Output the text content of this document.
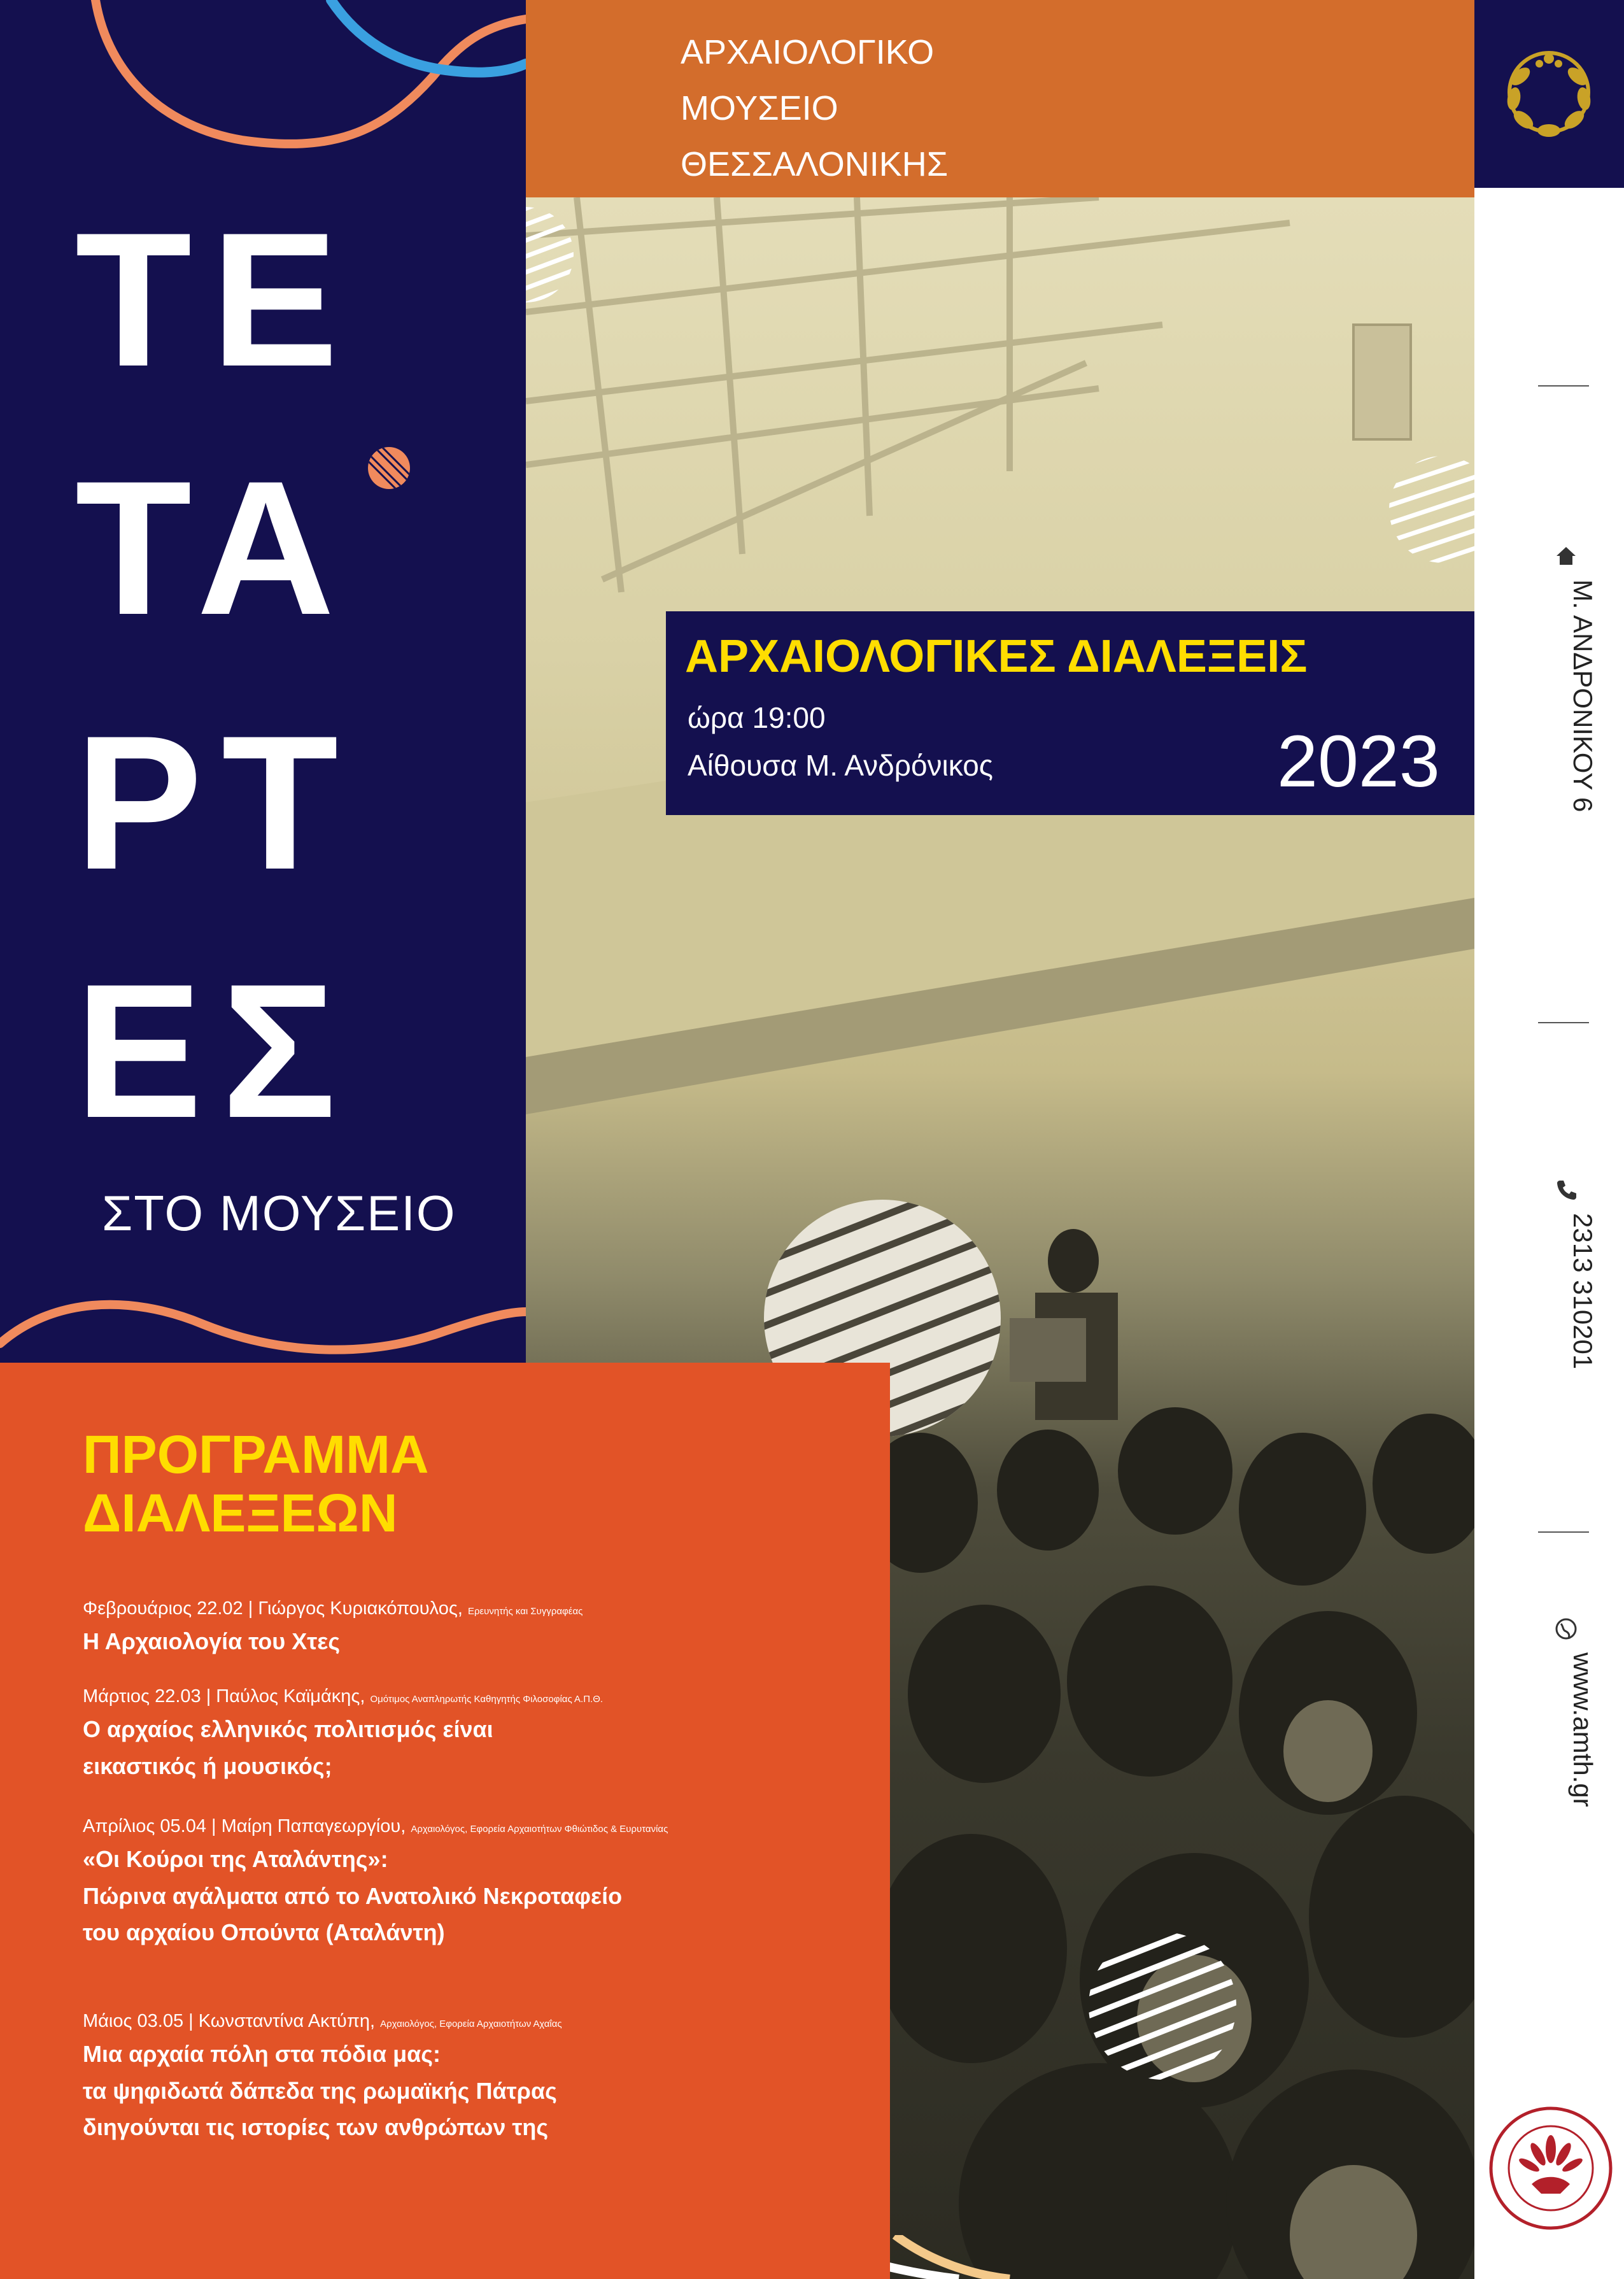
ΤΕ
ΤΑ
ΡΤ
ΕΣ
ΣΤΟ ΜΟΥΣΕΙΟ
ΑΡΧΑΙΟΛΟΓΙΚΟ
ΜΟΥΣΕΙΟ
ΘΕΣΣΑΛΟΝΙΚΗΣ
ΑΡΧΑΙΟΛΟΓΙΚΕΣ ΔΙΑΛΕΞΕΙΣ
ώρα 19:00
Αίθουσα Μ. Ανδρόνικος	2023	Μ. ΑΝΔΡΟΝΙΚΟΥ 6
2313 310201
www.amth.gr
ΠΡΟΓΡΑΜΜΑ
ΔΙΑΛΕΞΕΩΝ
Φεβρουάριος 22.02 | Γιώργος Κυριακόπουλος, Ερευνητής και Συγγραφέας
Η Αρχαιολογία του Χτες
Μάρτιος 22.03 | Παύλος Καϊμάκης, Ομότιμος Αναπληρωτής Καθηγητής Φιλοσοφίας Α.Π.Θ.
Ο αρχαίος ελληνικός πολιτισμός είναι
εικαστικός ή μουσικός;
Απρίλιος 05.04 | Μαίρη Παπαγεωργίου, Αρχαιολόγος, Εφορεία Αρχαιοτήτων Φθιώτιδος & Ευρυτανίας
«Οι Κούροι της Αταλάντης»:
Πώρινα αγάλματα από το Ανατολικό Νεκροταφείο
του αρχαίου Οπούντα (Αταλάντη)
Μάιος 03.05 | Κωνσταντίνα Ακτύπη, Αρχαιολόγος, Εφορεία Αρχαιοτήτων Αχαΐας
Μια αρχαία πόλη στα πόδια μας:
τα ψηφιδωτά δάπεδα της ρωμαϊκής Πάτρας
διηγούνται τις ιστορίες των ανθρώπων της
